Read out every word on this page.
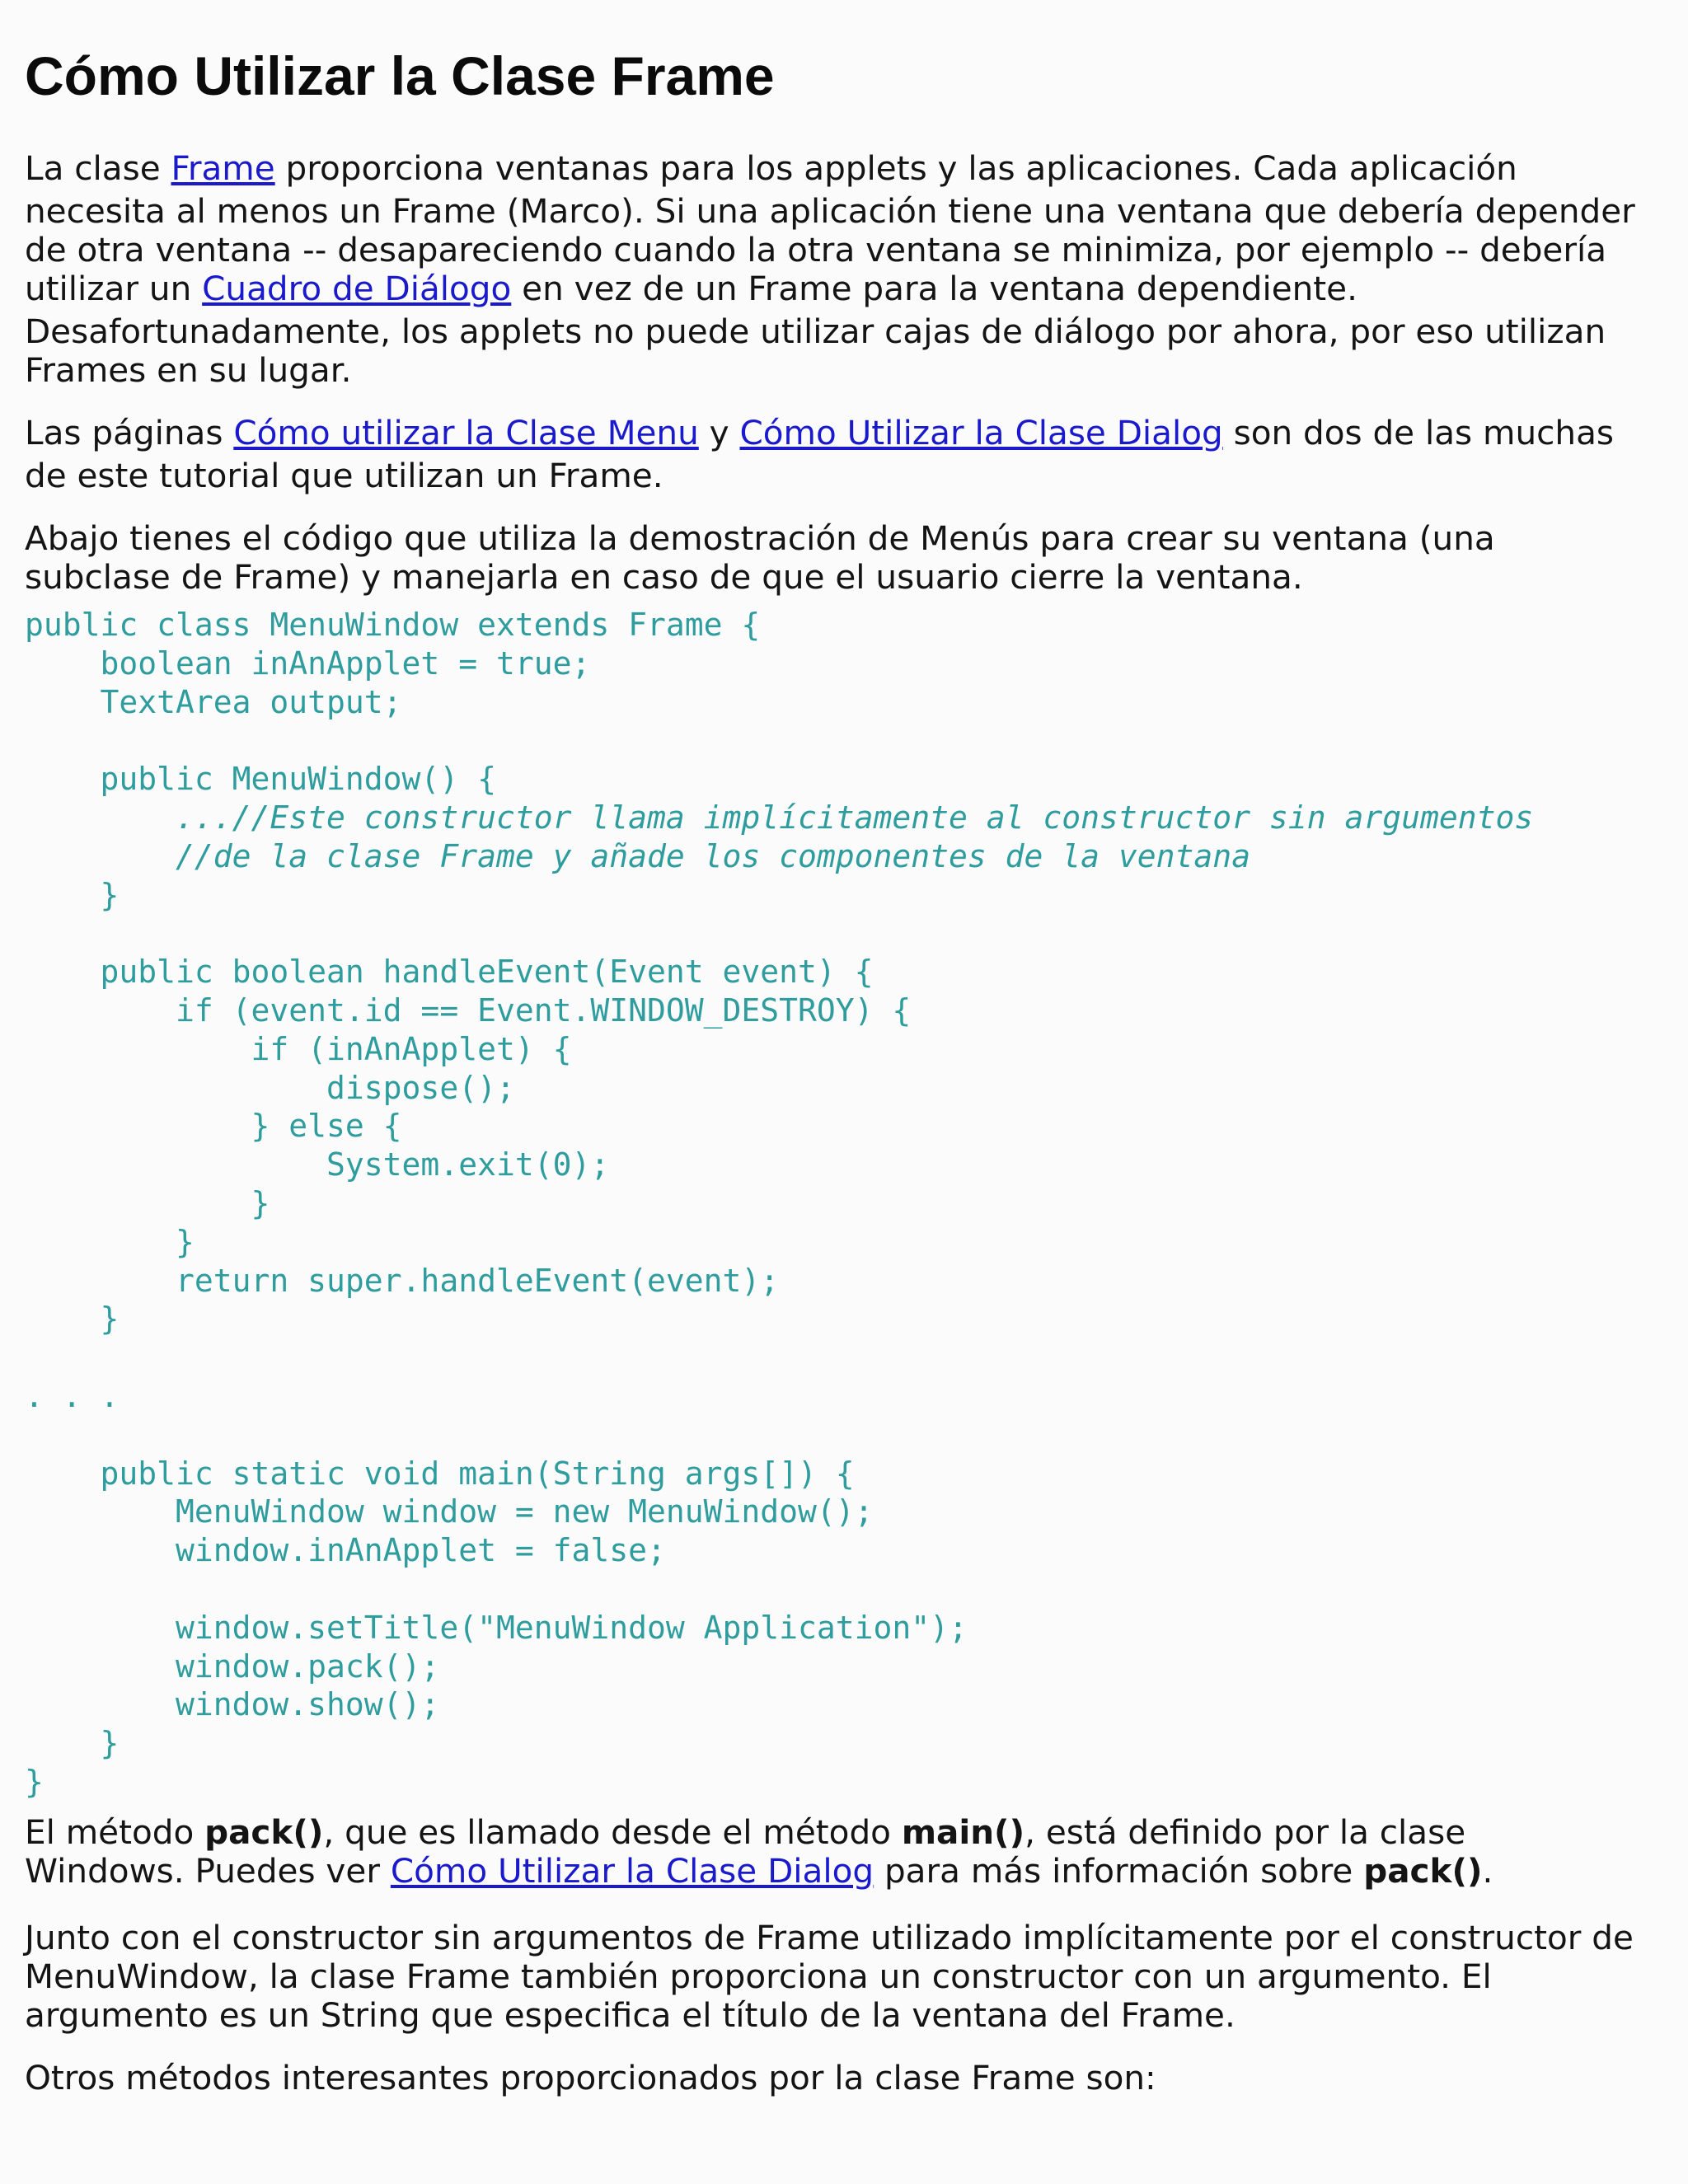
Cómo Utilizar la Clase Frame
La clase Frame proporciona ventanas para los applets y las aplicaciones. Cada aplicación
necesita al menos un Frame (Marco). Si una aplicación tiene una ventana que debería depender
de otra ventana -- desapareciendo cuando la otra ventana se minimiza, por ejemplo -- debería
utilizar un Cuadro de Diálogo en vez de un Frame para la ventana dependiente.
Desafortunadamente, los applets no puede utilizar cajas de diálogo por ahora, por eso utilizan
Frames en su lugar.
Las páginas Cómo utilizar la Clase Menu y Cómo Utilizar la Clase Dialog son dos de las muchas
de este tutorial que utilizan un Frame.
Abajo tienes el código que utiliza la demostración de Menús para crear su ventana (una
subclase de Frame) y manejarla en caso de que el usuario cierre la ventana.
public class MenuWindow extends Frame {
boolean inAnApplet = true;
TextArea output;
public MenuWindow() {
...//Este constructor llama implícitamente al constructor sin argumentos
//de la clase Frame y añade los componentes de la ventana
}
public boolean handleEvent(Event event) {
if (event.id == Event.WINDOW_DESTROY) {
if (inAnApplet) {
dispose();
} else {
System.exit(0);
}
}
return super.handleEvent(event);
}
. . .
public static void main(String args[]) {
MenuWindow window = new MenuWindow();
window.inAnApplet = false;
window.setTitle("MenuWindow Application");
window.pack();
window.show();
}
}
El método pack(), que es llamado desde el método main(), está definido por la clase
Windows. Puedes ver Cómo Utilizar la Clase Dialog para más información sobre pack().
Junto con el constructor sin argumentos de Frame utilizado implícitamente por el constructor de
MenuWindow, la clase Frame también proporciona un constructor con un argumento. El
argumento es un String que especifica el título de la ventana del Frame.
Otros métodos interesantes proporcionados por la clase Frame son:
